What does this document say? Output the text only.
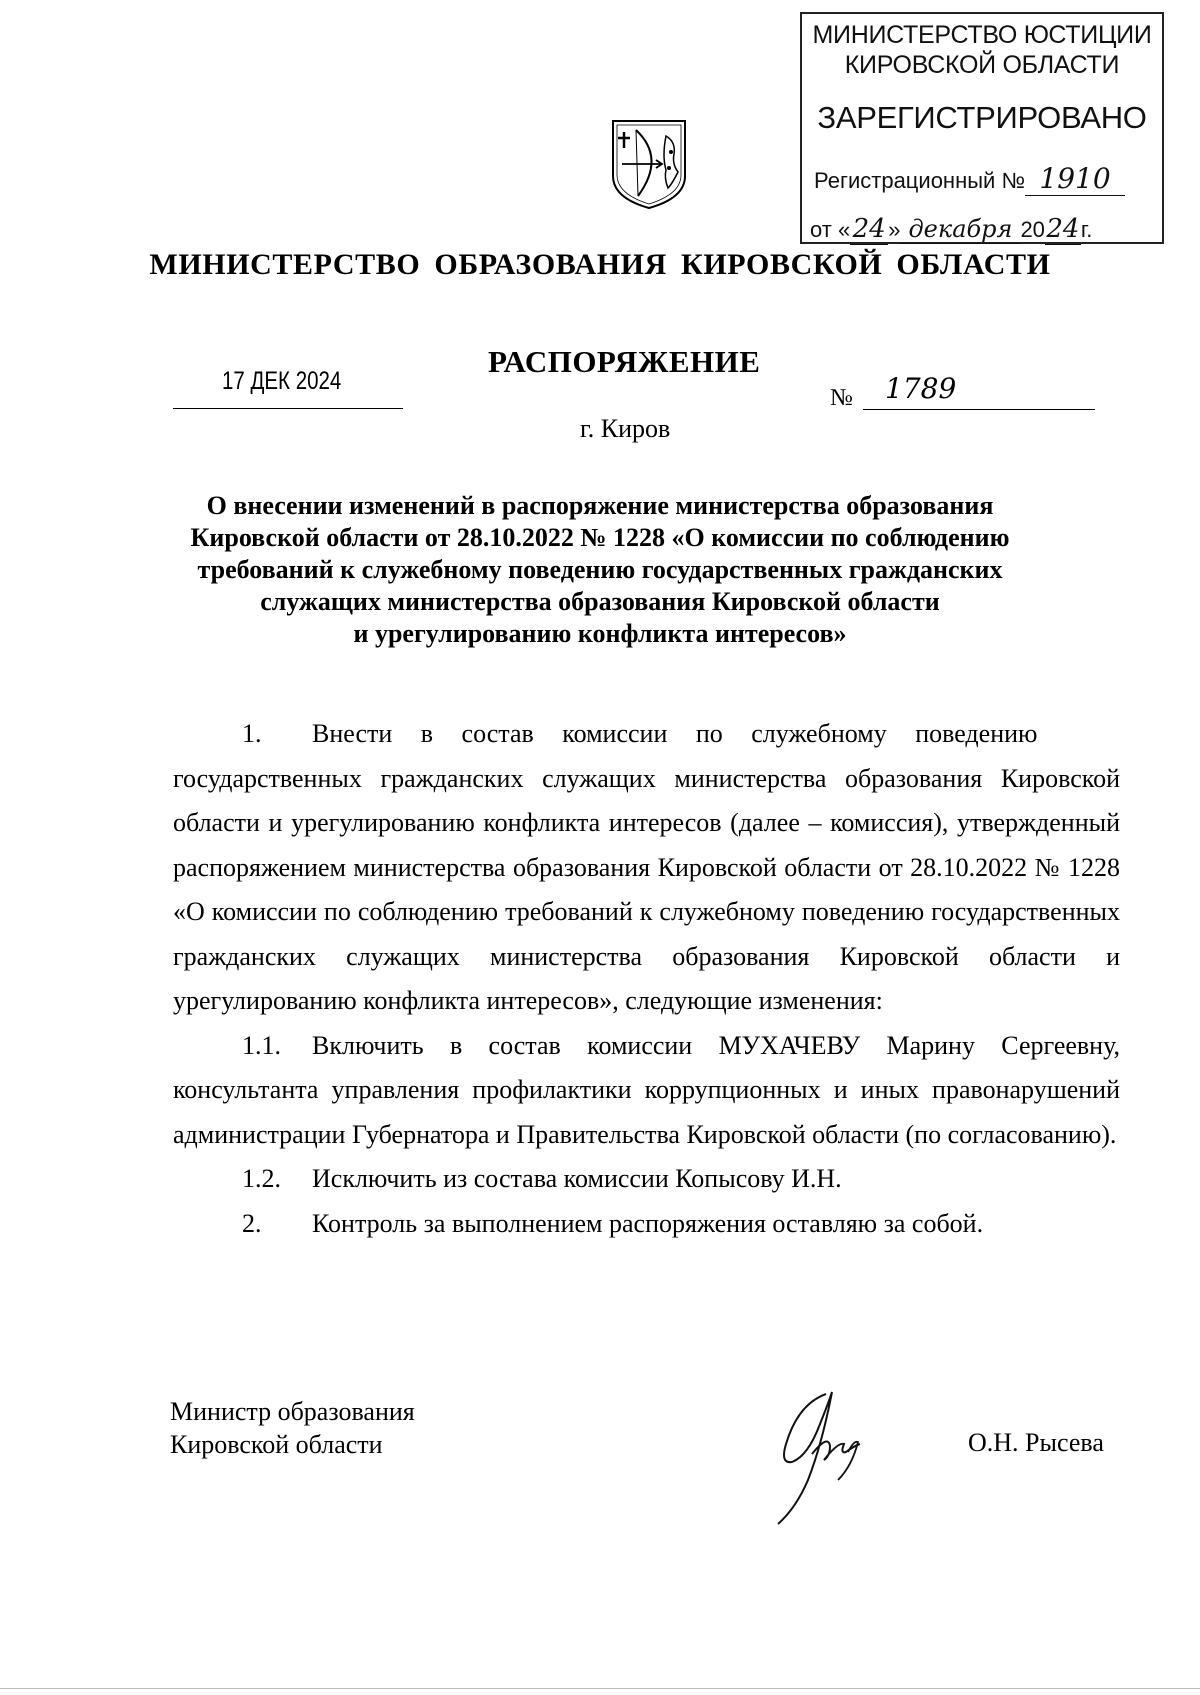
МИНИСТЕРСТВО ЮСТИЦИИ
КИРОВСКОЙ ОБЛАСТИ
ЗАРЕГИСТРИРОВАНО
Регистрационный № 1910
от «24 » декабря 2024г.
МИНИСТЕРСТВО ОБРАЗОВАНИЯ КИРОВСКОЙ ОБЛАСТИ
РАСПОРЯЖЕНИЕ
17 ДЕК 2024
№ 1789
г. Киров
О внесении изменений в распоряжение министерства образования
Кировской области от 28.10.2022 № 1228 «О комиссии по соблюдению
требований к служебному поведению государственных гражданских
служащих министерства образования Кировской области
и урегулированию конфликта интересов»

1. Внести в состав комиссии по служебному поведению

государственных гражданских служащих министерства образования Кировской области и урегулированию конфликта интересов (далее – комиссия), утвержденный распоряжением министерства образования Кировской области от 28.10.2022 № 1228 «О комиссии по соблюдению требований к служебному поведению государственных гражданских служащих министерства образования Кировской области и урегулированию конфликта интересов», следующие изменения:

1.1. Включить в состав комиссии МУХАЧЕВУ Марину Сергеевну, консультанта управления профилактики коррупционных и иных правонарушений администрации Губернатора и Правительства Кировской области (по согласованию).

1.2. Исключить из состава комиссии Копысову И.Н.

2. Контроль за выполнением распоряжения оставляю за собой.

Министр образования
Кировской области	О.Н. Рысева
